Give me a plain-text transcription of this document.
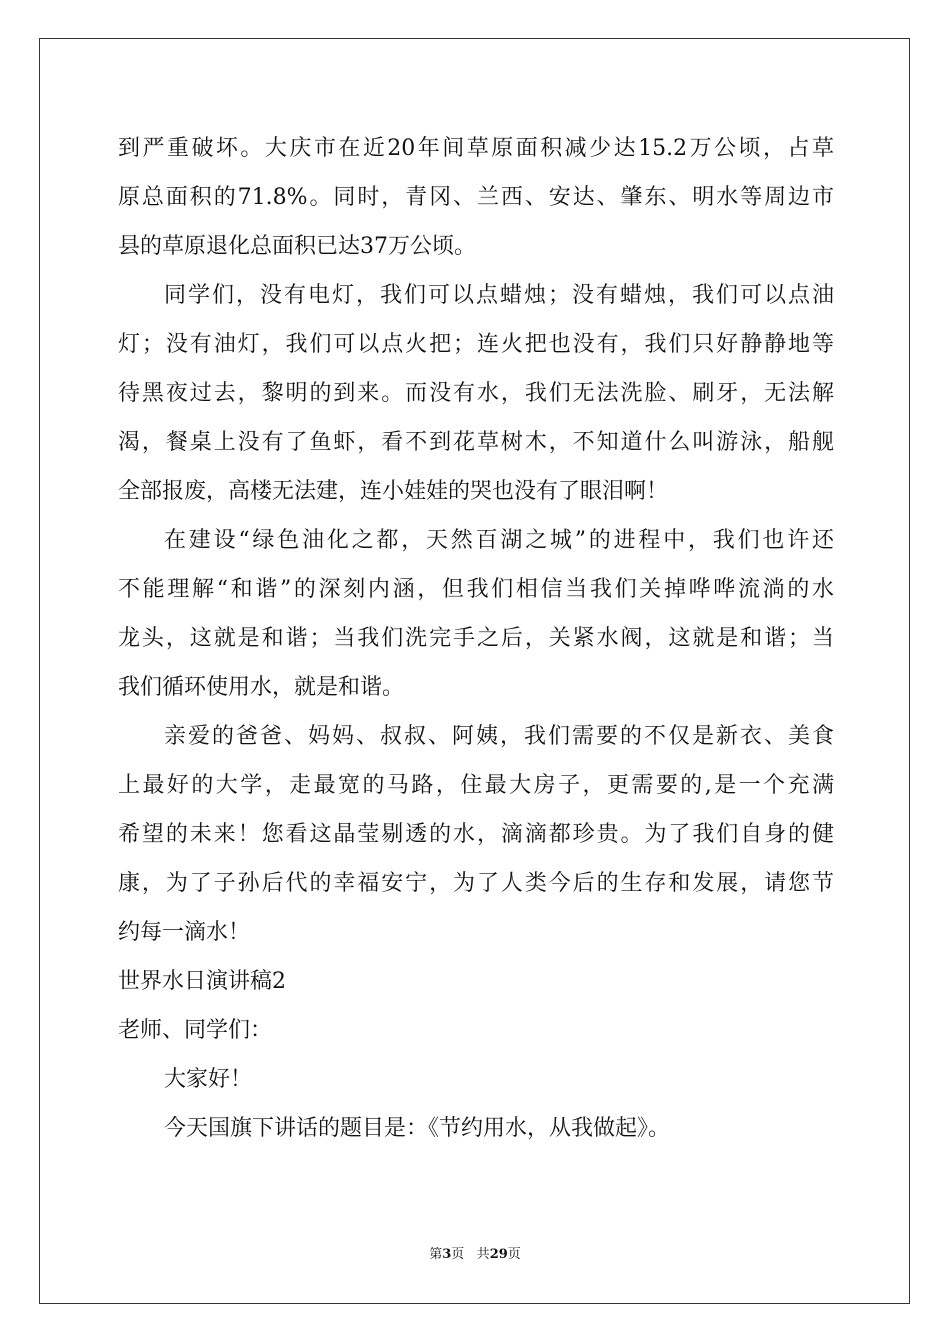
到严重破坏。大庆市在近20年间草原面积减少达15.2万公顷，占草
原总面积的71.8%。同时，青冈、兰西、安达、肇东、明水等周边市
县的草原退化总面积已达37万公顷。
同学们，没有电灯，我们可以点蜡烛；没有蜡烛，我们可以点油
灯；没有油灯，我们可以点火把；连火把也没有，我们只好静静地等
待黑夜过去，黎明的到来。而没有水，我们无法洗脸、刷牙，无法解
渴，餐桌上没有了鱼虾，看不到花草树木，不知道什么叫游泳，船舰
全部报废，高楼无法建，连小娃娃的哭也没有了眼泪啊！
在建设“绿色油化之都，天然百湖之城”的进程中，我们也许还
不能理解“和谐”的深刻内涵，但我们相信当我们关掉哗哗流淌的水
龙头，这就是和谐；当我们洗完手之后，关紧水阀，这就是和谐；当
我们循环使用水，就是和谐。
亲爱的爸爸、妈妈、叔叔、阿姨，我们需要的不仅是新衣、美食
上最好的大学，走最宽的马路，住最大房子，更需要的,是一个充满
希望的未来！您看这晶莹剔透的水，滴滴都珍贵。为了我们自身的健
康，为了子孙后代的幸福安宁，为了人类今后的生存和发展，请您节
约每一滴水！
世界水日演讲稿2
老师、同学们：
大家好！
今天国旗下讲话的题目是：《节约用水，从我做起》。
第3页 共29页
